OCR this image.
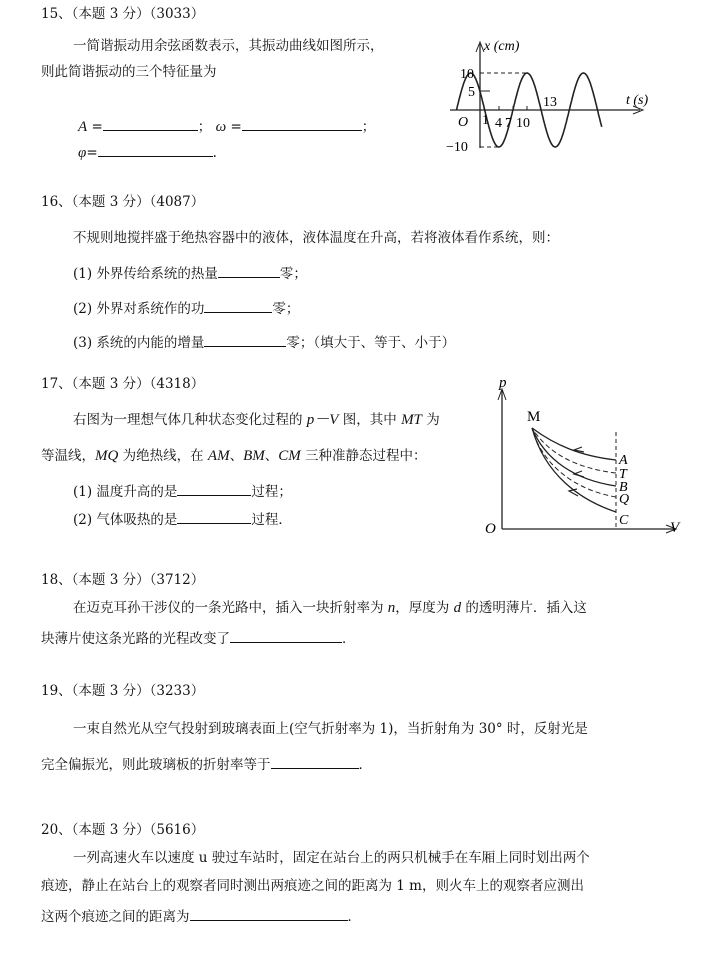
15、（本题 3 分）（3033）
一简谐振动用余弦函数表示，其振动曲线如图所示，
则此简谐振动的三个特征量为
A =	； ω =	；
φ=	.
x (cm)
t (s)
O
10
5
−10
1 4 7 10
13
16、（本题 3 分）（4087）
不规则地搅拌盛于绝热容器中的液体，液体温度在升高，若将液体看作系统，则：
(1) 外界传给系统的热量	零；
(2) 外界对系统作的功	零；
(3) 系统的内能的增量	零；（填大于、等于、小于）
17、（本题 3 分）（4318）
右图为一理想气体几种状态变化过程的 p－V 图，其中 MT 为
等温线，MQ 为绝热线，在 AM、BM、CM 三种准静态过程中：
(1) 温度升高的是	过程；
(2) 气体吸热的是	过程．
p
V
O
M
A
T
B
Q
C
18、（本题 3 分）（3712）
在迈克耳孙干涉仪的一条光路中，插入一块折射率为 n，厚度为 d 的透明薄片．插入这
块薄片使这条光路的光程改变了	．
19、（本题 3 分）（3233）
一束自然光从空气投射到玻璃表面上(空气折射率为 1)，当折射角为 30° 时，反射光是
完全偏振光，则此玻璃板的折射率等于	．
20、（本题 3 分）（5616）
一列高速火车以速度 u 驶过车站时，固定在站台上的两只机械手在车厢上同时划出两个
痕迹，静止在站台上的观察者同时测出两痕迹之间的距离为 1 m，则火车上的观察者应测出
这两个痕迹之间的距离为	．
